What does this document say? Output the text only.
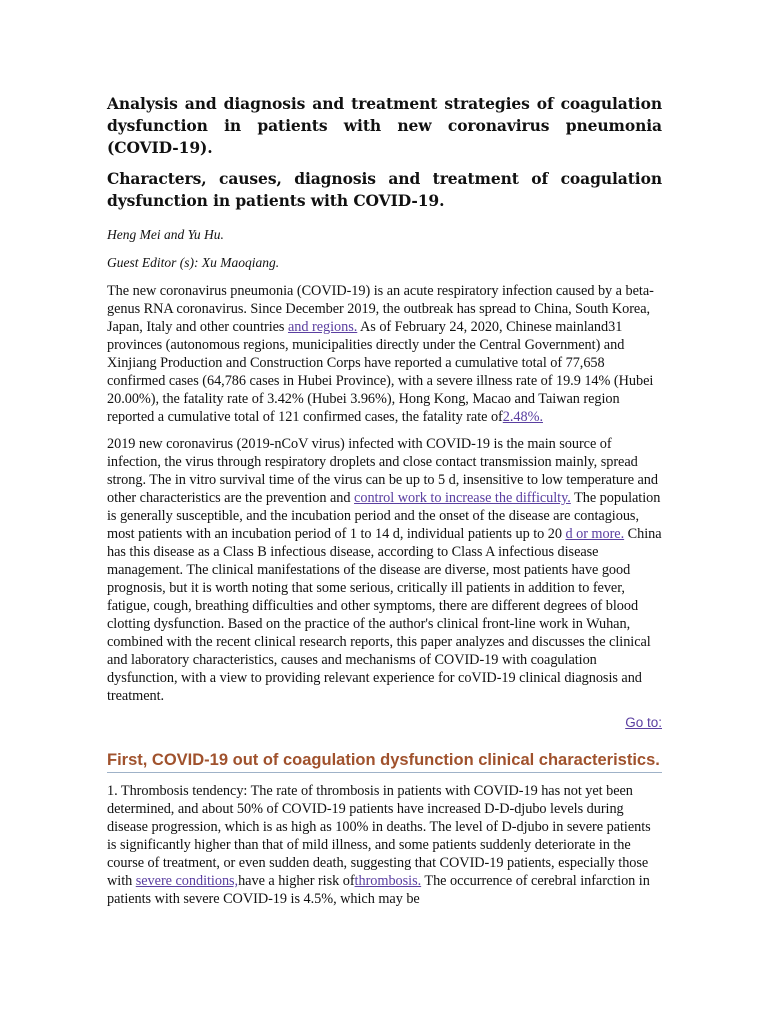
Analysis and diagnosis and treatment strategies of coagulation dysfunction in patients with new coronavirus pneumonia (COVID-19).
Characters, causes, diagnosis and treatment of coagulation dysfunction in patients with COVID-19.

Heng Mei and Yu Hu.

Guest Editor (s): Xu Maoqiang.

The new coronavirus pneumonia (COVID-19) is an acute respiratory infection caused by a beta-genus RNA coronavirus. Since December 2019, the outbreak has spread to China, South Korea, Japan, Italy and other countries and regions. As of February 24, 2020, Chinese mainland31 provinces (autonomous regions, municipalities directly under the Central Government) and Xinjiang Production and Construction Corps have reported a cumulative total of 77,658 confirmed cases (64,786 cases in Hubei Province), with a severe illness rate of 19.9 14% (Hubei 20.00%), the fatality rate of 3.42% (Hubei 3.96%), Hong Kong, Macao and Taiwan region reported a cumulative total of 121 confirmed cases, the fatality rate of2.48%.

2019 new coronavirus (2019-nCoV virus) infected with COVID-19 is the main source of infection, the virus through respiratory droplets and close contact transmission mainly, spread strong. The in vitro survival time of the virus can be up to 5 d, insensitive to low temperature and other characteristics are the prevention and control work to increase the difficulty. The population is generally susceptible, and the incubation period and the onset of the disease are contagious, most patients with an incubation period of 1 to 14 d, individual patients up to 20 d or more. China has this disease as a Class B infectious disease, according to Class A infectious disease management. The clinical manifestations of the disease are diverse, most patients have good prognosis, but it is worth noting that some serious, critically ill patients in addition to fever, fatigue, cough, breathing difficulties and other symptoms, there are different degrees of blood clotting dysfunction. Based on the practice of the author's clinical front-line work in Wuhan, combined with the recent clinical research reports, this paper analyzes and discusses the clinical and laboratory characteristics, causes and mechanisms of COVID-19 with coagulation dysfunction, with a view to providing relevant experience for coVID-19 clinical diagnosis and treatment.

Go to:
First, COVID-19 out of coagulation dysfunction clinical characteristics.

1. Thrombosis tendency: The rate of thrombosis in patients with COVID-19 has not yet been determined, and about 50% of COVID-19 patients have increased D-D-djubo levels during disease progression, which is as high as 100% in deaths. The level of D-djubo in severe patients is significantly higher than that of mild illness, and some patients suddenly deteriorate in the course of treatment, or even sudden death, suggesting that COVID-19 patients, especially those with severe conditions,have a higher risk ofthrombosis. The occurrence of cerebral infarction in patients with severe COVID-19 is 4.5%, which may be
